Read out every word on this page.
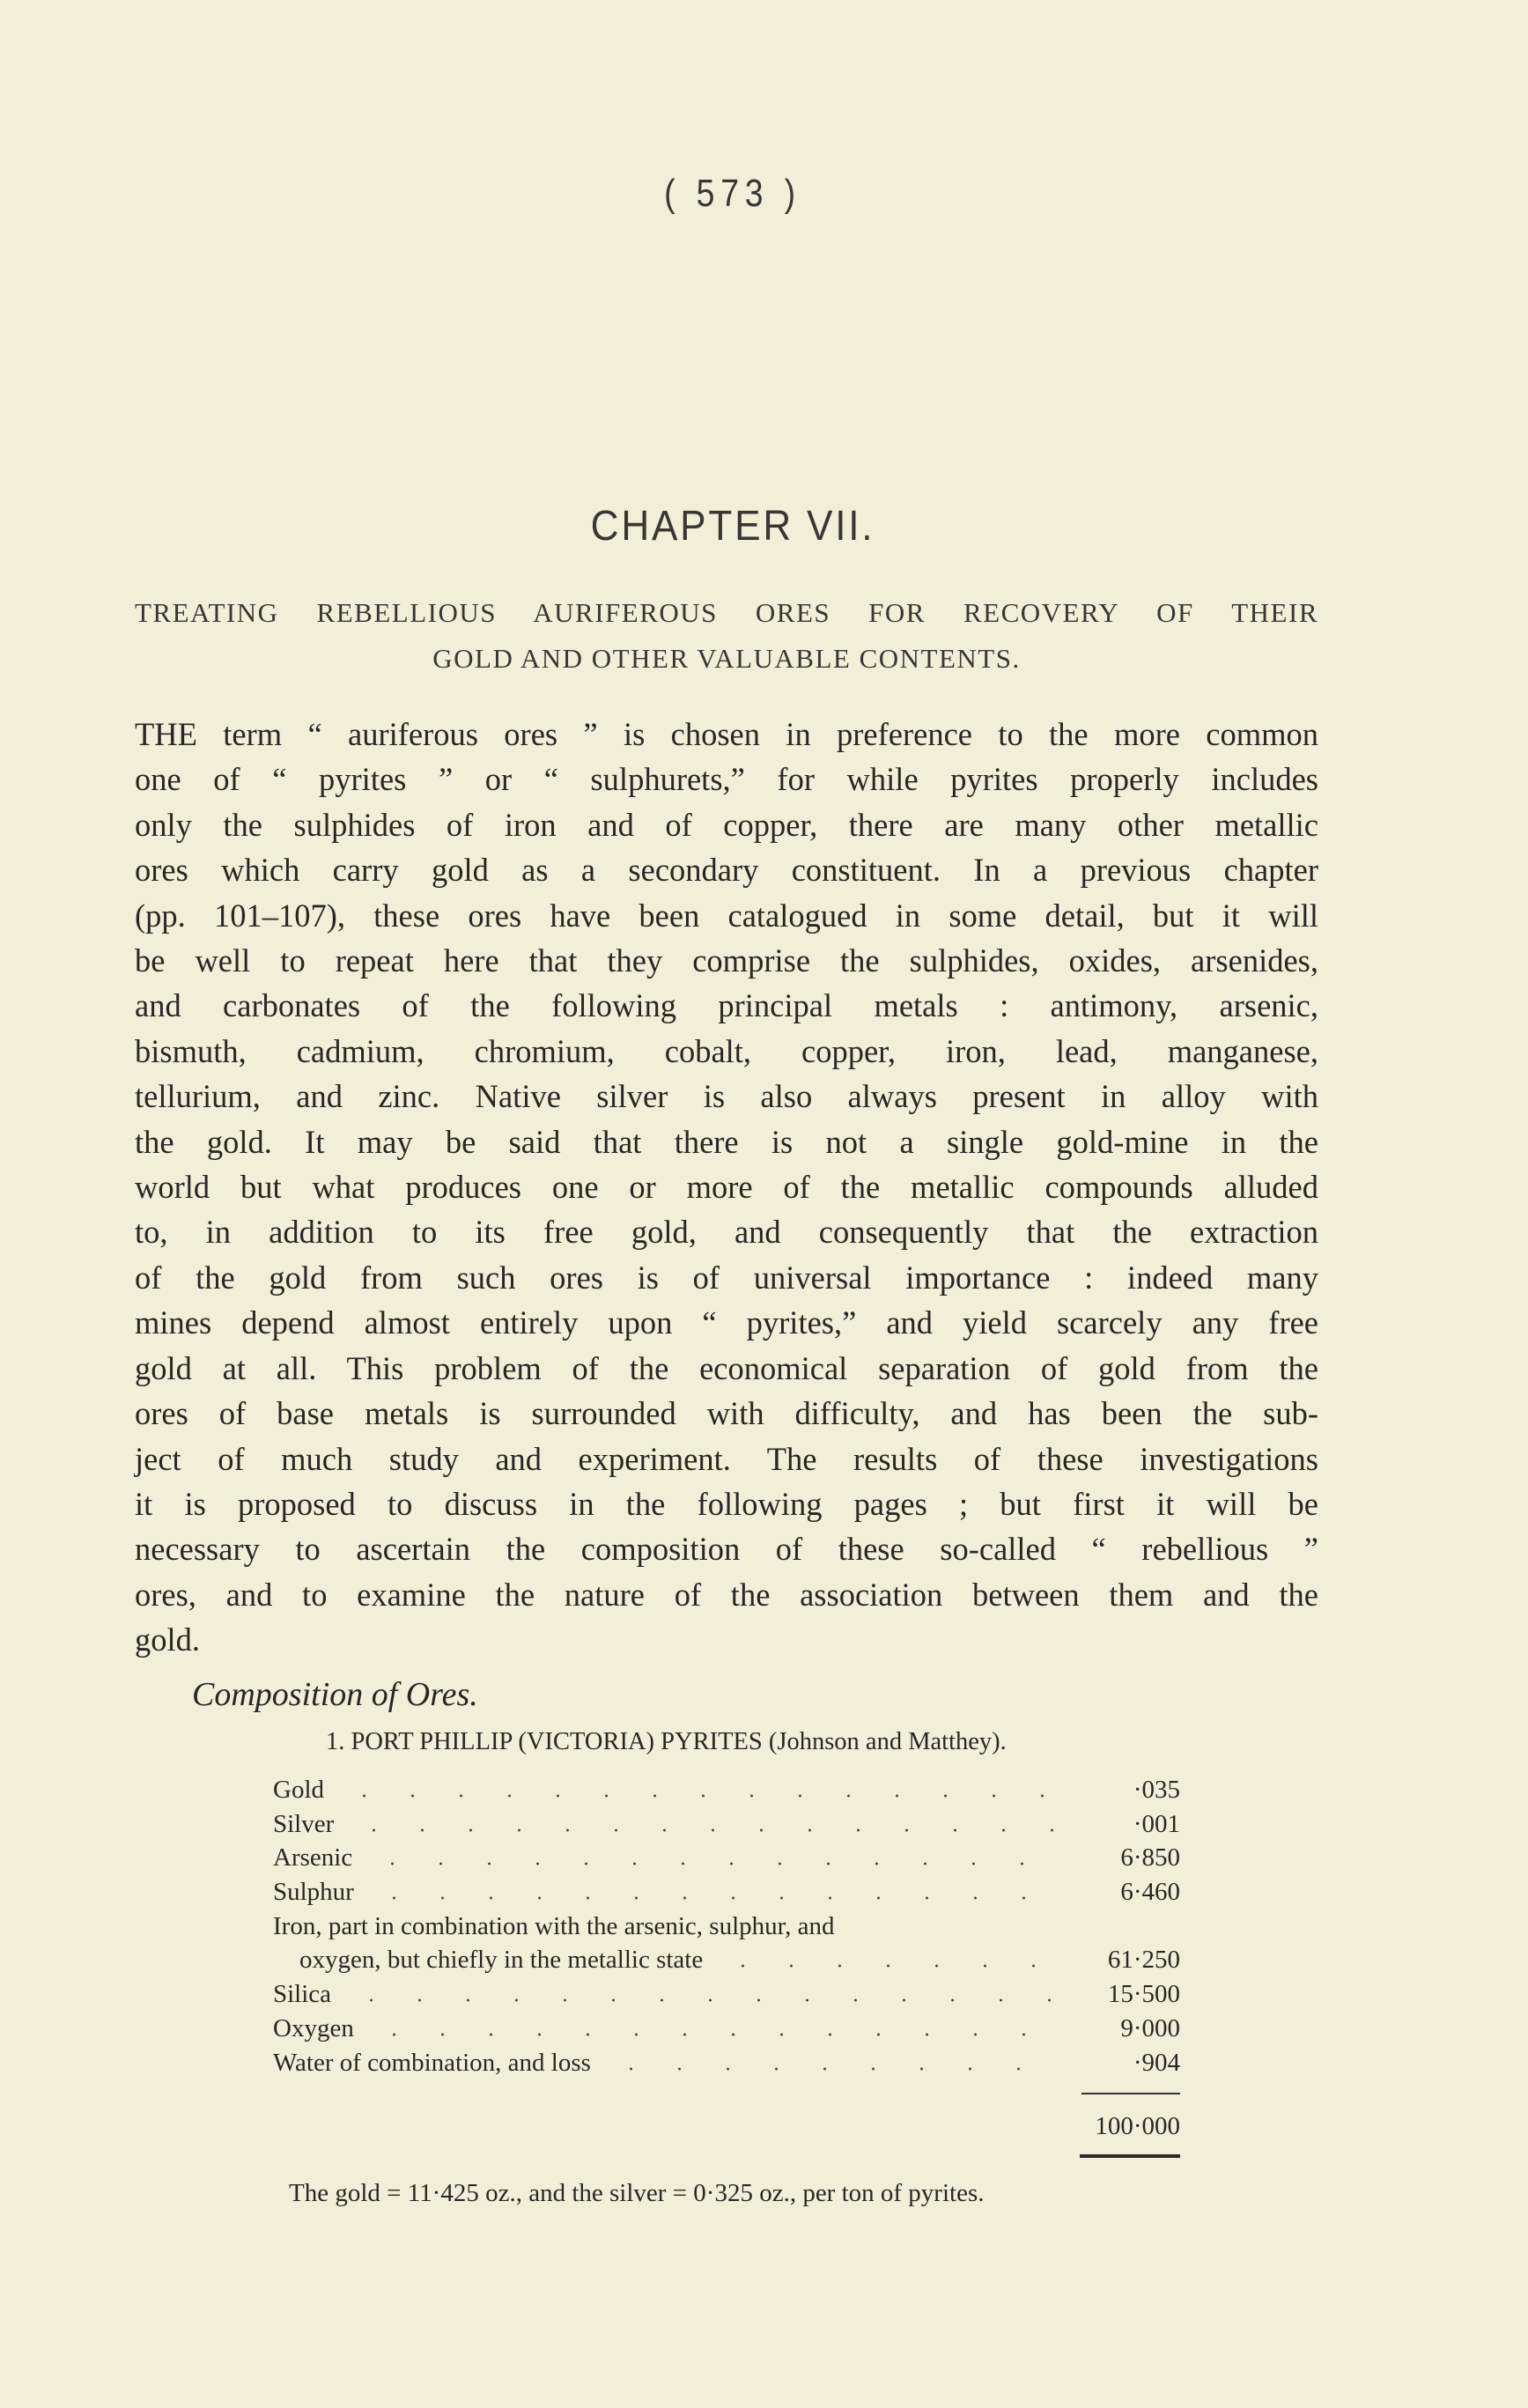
( 573 )
CHAPTER VII.
TREATING REBELLIOUS AURIFEROUS ORES FOR RECOVERY OF THEIR
GOLD AND OTHER VALUABLE CONTENTS.
THE term “ auriferous ores ” is chosen in preference to the more common
one of “ pyrites ” or “ sulphurets,” for while pyrites properly includes
only the sulphides of iron and of copper, there are many other metallic
ores which carry gold as a secondary constituent. In a previous chapter
(pp. 101–107), these ores have been catalogued in some detail, but it will
be well to repeat here that they comprise the sulphides, oxides, arsenides,
and carbonates of the following principal metals : antimony, arsenic,
bismuth, cadmium, chromium, cobalt, copper, iron, lead, manganese,
tellurium, and zinc. Native silver is also always present in alloy with
the gold. It may be said that there is not a single gold-mine in the
world but what produces one or more of the metallic compounds alluded
to, in addition to its free gold, and consequently that the extraction
of the gold from such ores is of universal importance : indeed many
mines depend almost entirely upon “ pyrites,” and yield scarcely any free
gold at all. This problem of the economical separation of gold from the
ores of base metals is surrounded with difficulty, and has been the sub-
ject of much study and experiment. The results of these investigations
it is proposed to discuss in the following pages ; but first it will be
necessary to ascertain the composition of these so-called “ rebellious ”
ores, and to examine the nature of the association between them and the
gold.
Composition of Ores.
1. PORT PHILLIP (VICTORIA) PYRITES (Johnson and Matthey).
Gold	·035
Silver	·001
Arsenic	6·850
Sulphur	6·460
Iron, part in combination with the arsenic, sulphur, and
oxygen, but chiefly in the metallic state	61·250
Silica	15·500
Oxygen	9·000
Water of combination, and loss	·904
100·000
The gold = 11·425 oz., and the silver = 0·325 oz., per ton of pyrites.
